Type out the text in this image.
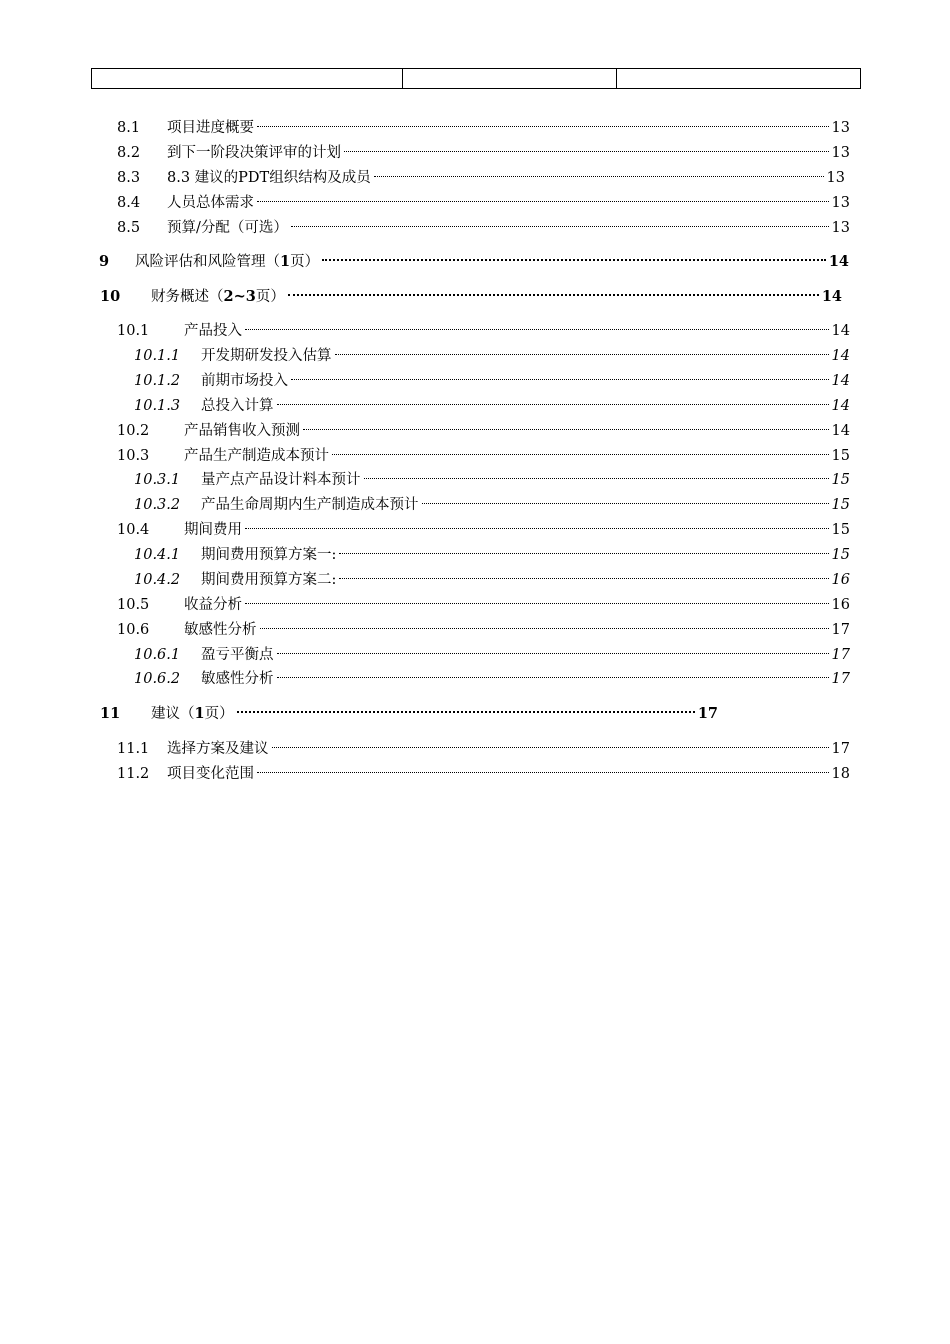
8.1	项目进度概要	13
8.2	到下一阶段决策评审的计划	13
8.3	8.3 建议的PDT组织结构及成员	13
8.4	人员总体需求	13
8.5	预算/分配（可选）	13
9	风险评估和风险管理（1页）	14
10	财务概述（2~3页）	14
10.1	产品投入	14
10.1.1	开发期研发投入估算	14
10.1.2	前期市场投入	14
10.1.3	总投入计算	14
10.2	产品销售收入预测	14
10.3	产品生产制造成本预计	15
10.3.1	量产点产品设计料本预计	15
10.3.2	产品生命周期内生产制造成本预计	15
10.4	期间费用	15
10.4.1	期间费用预算方案一:	15
10.4.2	期间费用预算方案二:	16
10.5	收益分析	16
10.6	敏感性分析	17
10.6.1	盈亏平衡点	17
10.6.2	敏感性分析	17
11	建议（1页）	17
11.1	选择方案及建议	17
11.2	项目变化范围	18
